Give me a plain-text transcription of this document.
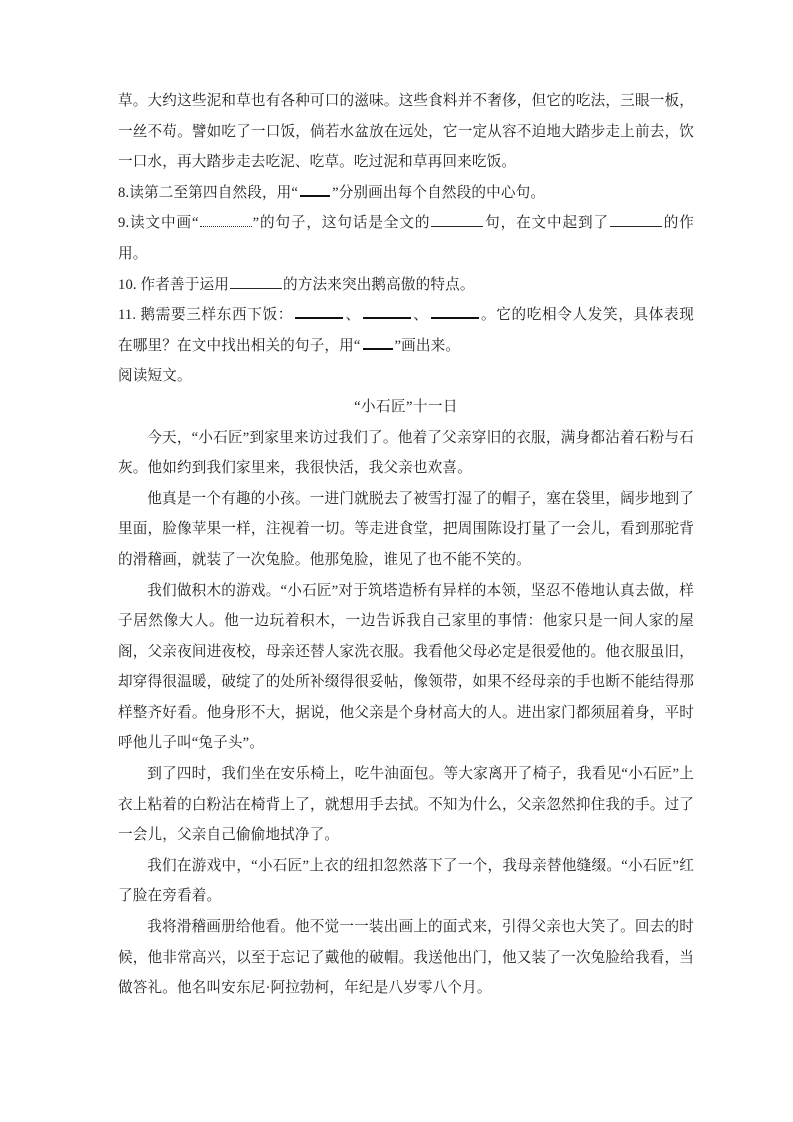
草。大约这些泥和草也有各种可口的滋味。这些食料并不奢侈，但它的吃法，三眼一板，一丝不苟。譬如吃了一口饭，倘若水盆放在远处，它一定从容不迫地大踏步走上前去，饮一口水，再大踏步走去吃泥、吃草。吃过泥和草再回来吃饭。

8.读第二至第四自然段，用“ ”分别画出每个自然段的中心句。

9.读文中画“	”的句子，这句话是全文的	句，在文中起到了	的作用。

10. 作者善于运用	的方法来突出鹅高傲的特点。

11. 鹅需要三样东西下饭：	、	、	。它的吃相令人发笑，具体表现在哪里？在文中找出相关的句子，用“ ”画出来。

阅读短文。

“小石匠”十一日

今天，“小石匠”到家里来访过我们了。他着了父亲穿旧的衣服，满身都沾着石粉与石灰。他如约到我们家里来，我很快活，我父亲也欢喜。

他真是一个有趣的小孩。一进门就脱去了被雪打湿了的帽子，塞在袋里，阔步地到了里面，脸像苹果一样，注视着一切。等走进食堂，把周围陈设打量了一会儿，看到那驼背的滑稽画，就装了一次兔脸。他那兔脸，谁见了也不能不笑的。

我们做积木的游戏。“小石匠”对于筑塔造桥有异样的本领，坚忍不倦地认真去做，样子居然像大人。他一边玩着积木，一边告诉我自己家里的事情：他家只是一间人家的屋阁，父亲夜间进夜校，母亲还替人家洗衣服。我看他父母必定是很爱他的。他衣服虽旧，却穿得很温暖，破绽了的处所补缀得很妥帖，像领带，如果不经母亲的手也断不能结得那样整齐好看。他身形不大，据说，他父亲是个身材高大的人。进出家门都须屈着身，平时呼他儿子叫“兔子头”。

到了四时，我们坐在安乐椅上，吃牛油面包。等大家离开了椅子，我看见“小石匠”上衣上粘着的白粉沾在椅背上了，就想用手去拭。不知为什么，父亲忽然抑住我的手。过了一会儿，父亲自己偷偷地拭净了。

我们在游戏中，“小石匠”上衣的纽扣忽然落下了一个，我母亲替他缝缀。“小石匠”红了脸在旁看着。

我将滑稽画册给他看。他不觉一一装出画上的面式来，引得父亲也大笑了。回去的时候，他非常高兴，以至于忘记了戴他的破帽。我送他出门，他又装了一次兔脸给我看，当做答礼。他名叫安东尼·阿拉勃柯，年纪是八岁零八个月。
